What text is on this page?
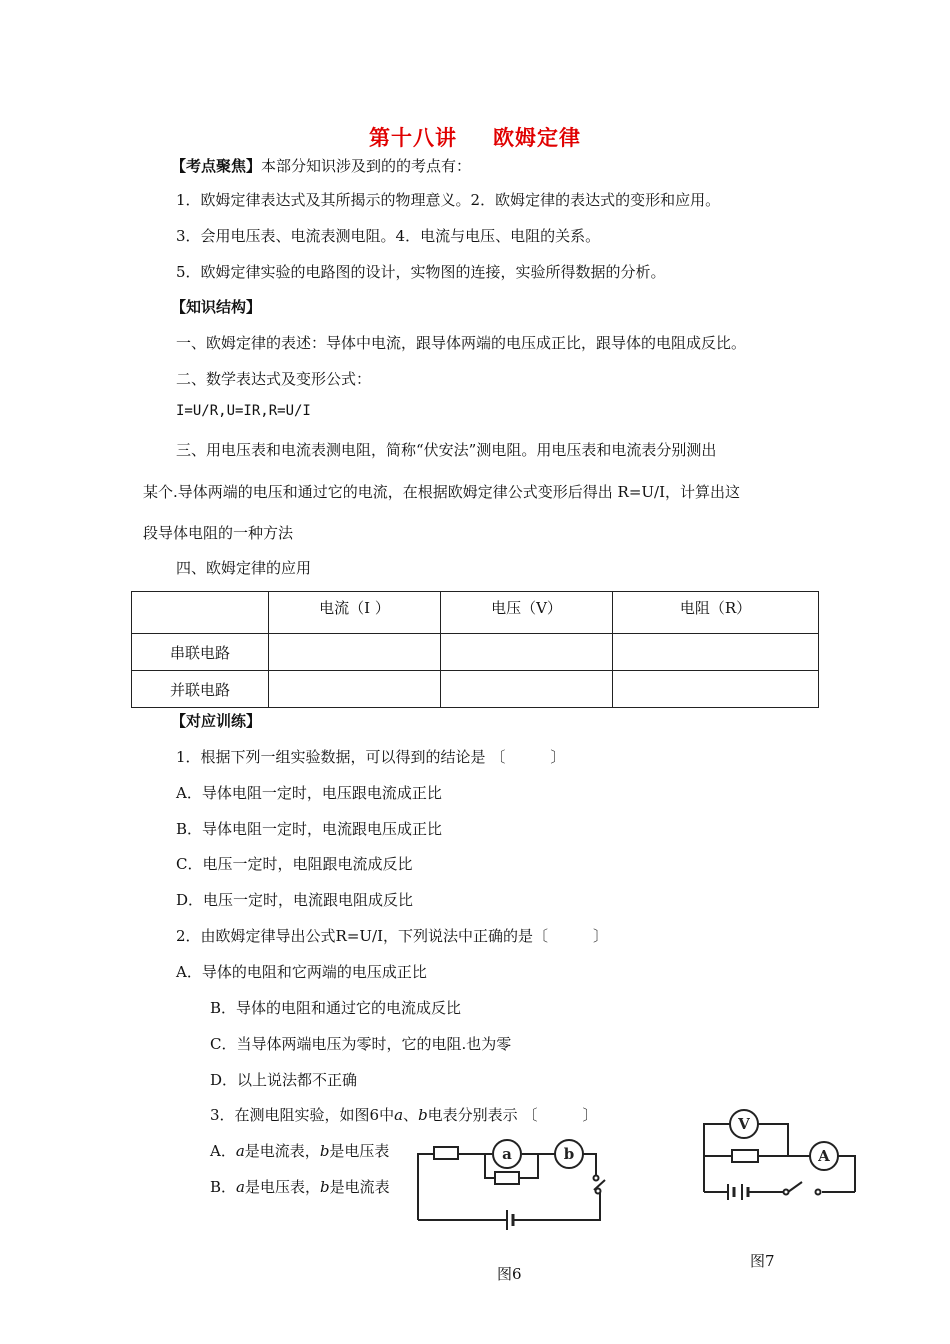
第十八讲 欧姆定律
【考点聚焦】本部分知识涉及到的的考点有：
1．欧姆定律表达式及其所揭示的物理意义。2．欧姆定律的表达式的变形和应用。
3．会用电压表、电流表测电阻。4．电流与电压、电阻的关系。
5．欧姆定律实验的电路图的设计，实物图的连接，实验所得数据的分析。
【知识结构】
一、欧姆定律的表述：导体中电流，跟导体两端的电压成正比，跟导体的电阻成反比。
二、数学表达式及变形公式：
I=U/R,U=IR,R=U/I
三、用电压表和电流表测电阻，简称“伏安法”测电阻。用电压表和电流表分别测出
某个.导体两端的电压和通过它的电流，在根据欧姆定律公式变形后得出 R=U/I，计算出这
段导体电阻的一种方法
四、欧姆定律的应用
	电流（I ）	电压（V）	电阻（R）
串联电路			
并联电路			
【对应训练】
1．根据下列一组实验数据，可以得到的结论是 〔　　　〕
A．导体电阻一定时，电压跟电流成正比
B．导体电阻一定时，电流跟电压成正比
C．电压一定时，电阻跟电流成反比
D．电压一定时，电流跟电阻成反比
2．由欧姆定律导出公式R=U/I，下列说法中正确的是〔　　　〕
A．导体的电阻和它两端的电压成正比
B．导体的电阻和通过它的电流成反比
C．当导体两端电压为零时，它的电阻.也为零
D．以上说法都不正确
3．在测电阻实验，如图6中a、b电表分别表示 〔　　　〕
A．a是电流表，b是电压表
B．a是电压表，b是电流表
a	b
图6
V
A
图7
